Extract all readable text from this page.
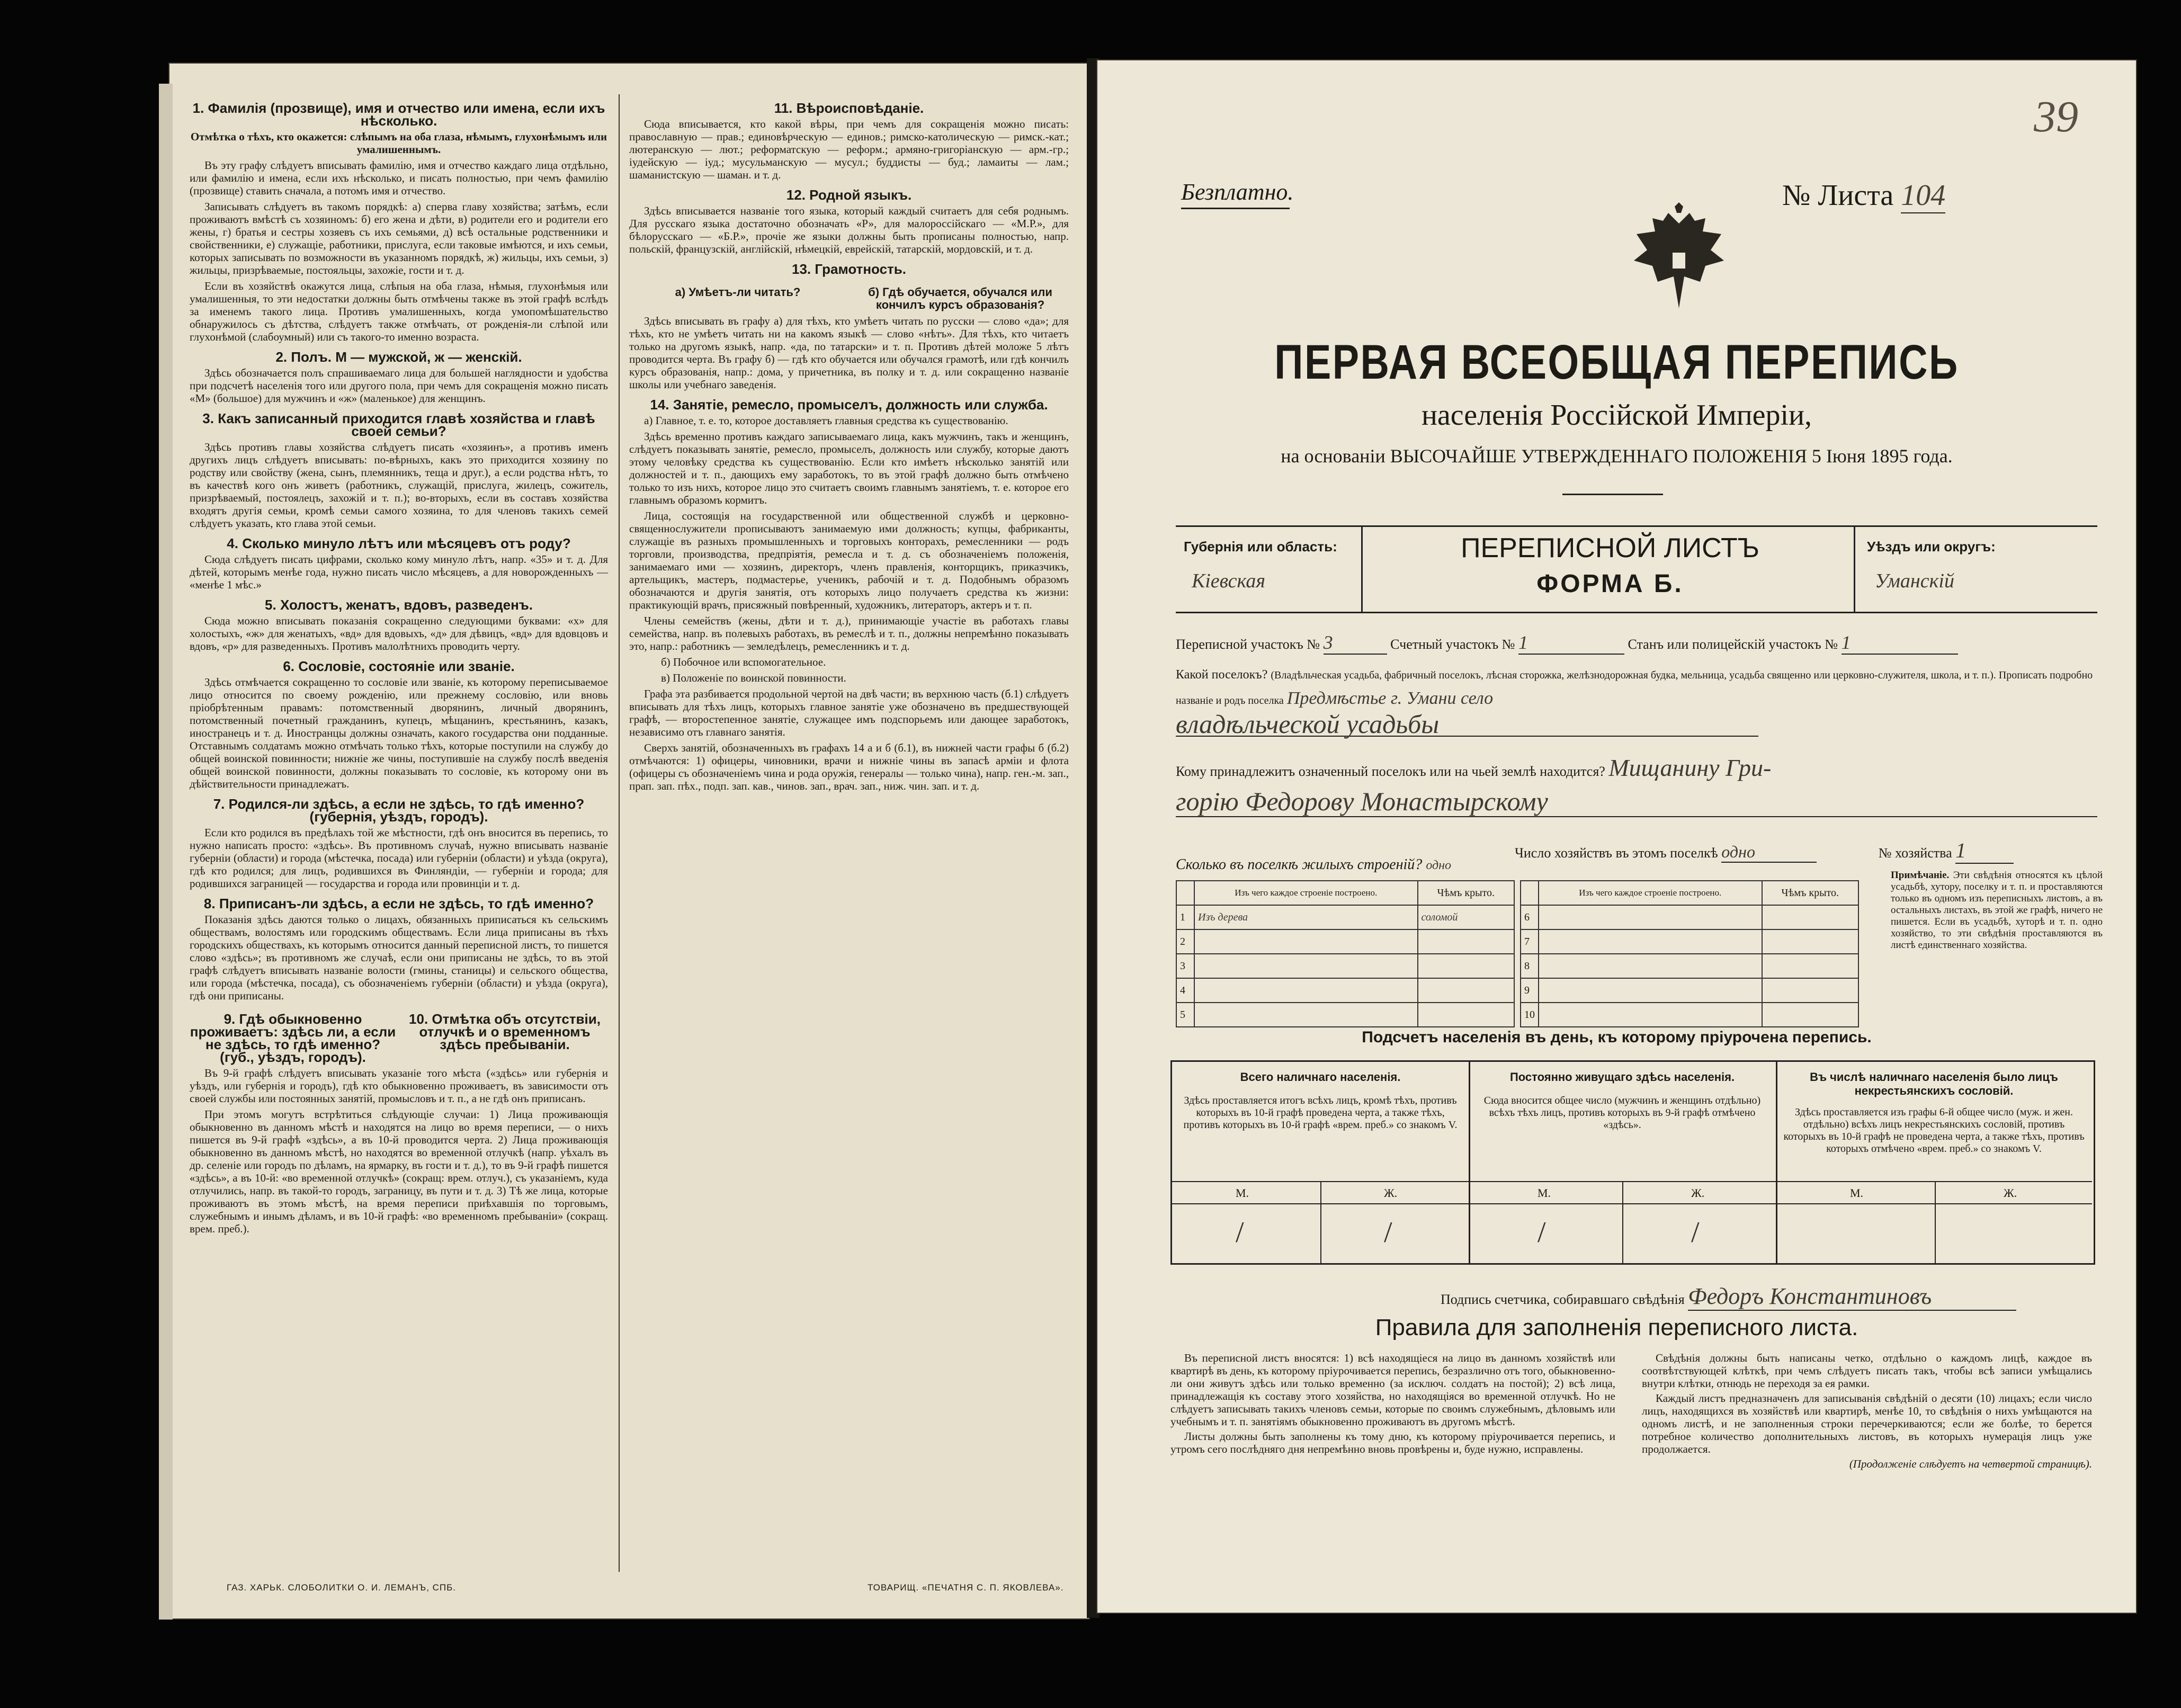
1. Фамилія (прозвище), имя и отчество или имена, если ихъ нѣсколько.

Отмѣтка о тѣхъ, кто окажется: слѣпымъ на оба глаза, нѣмымъ, глухонѣмымъ или умалишеннымъ.

Въ эту графу слѣдуетъ вписывать фамилію, имя и отчество каждаго лица отдѣльно, или фамилію и имена, если ихъ нѣсколько, и писать полностью, при чемъ фамилію (прозвище) ставить сначала, а потомъ имя и отчество.

Записывать слѣдуетъ въ такомъ порядкѣ: а) сперва главу хозяйства; затѣмъ, если проживаютъ вмѣстѣ съ хозяиномъ: б) его жена и дѣти, в) родители его и родители его жены, г) братья и сестры хозяевъ съ ихъ семьями, д) всѣ остальные родственники и свойственники, е) служащіе, работники, прислуга, если таковые имѣются, и ихъ семьи, которых записывать по возможности въ указанномъ порядкѣ, ж) жильцы, ихъ семьи, з) жильцы, призрѣваемые, постояльцы, захожіе, гости и т. д.

Если въ хозяйствѣ окажутся лица, слѣпыя на оба глаза, нѣмыя, глухонѣмыя или умалишенныя, то эти недостатки должны быть отмѣчены также въ этой графѣ вслѣдъ за именемъ такого лица. Противъ умалишенныхъ, когда умопомѣшательство обнаружилось съ дѣтства, слѣдуетъ также отмѣчать, от рожденія-ли слѣпой или глухонѣмой (слабоумный) или съ такого-то именно возраста.

2. Полъ. М — мужской, ж — женскій.

Здѣсь обозначается полъ спрашиваемаго лица для большей наглядности и удобства при подсчетѣ населенія того или другого пола, при чемъ для сокращенія можно писать «М» (большое) для мужчинъ и «ж» (маленькое) для женщинъ.

3. Какъ записанный приходится главѣ хозяйства и главѣ своей семьи?

Здѣсь противъ главы хозяйства слѣдуетъ писать «хозяинъ», а противъ именъ другихъ лицъ слѣдуетъ вписывать: по-вѣрныхъ, какъ это приходится хозяину по родству или свойству (жена, сынъ, племянникъ, теща и друг.), а если родства нѣтъ, то въ качествѣ кого онъ живетъ (работникъ, служащій, прислуга, жилецъ, сожитель, призрѣваемый, постоялецъ, захожій и т. п.); во-вторыхъ, если въ составъ хозяйства входятъ другія семьи, кромѣ семьи самого хозяина, то для членовъ такихъ семей слѣдуетъ указать, кто глава этой семьи.

4. Сколько минуло лѣтъ или мѣсяцевъ отъ роду?

Сюда слѣдуетъ писать цифрами, сколько кому минуло лѣтъ, напр. «35» и т. д. Для дѣтей, которымъ менѣе года, нужно писать число мѣсяцевъ, а для новорожденныхъ — «менѣе 1 мѣс.»

5. Холостъ, женатъ, вдовъ, разведенъ.

Сюда можно вписывать показанія сокращенно следующими буквами: «х» для холостыхъ, «ж» для женатыхъ, «вд» для вдовыхъ, «д» для дѣвицъ, «вд» для вдовцовъ и вдовъ, «р» для разведенныхъ. Противъ малолѣтнихъ проводить черту.

6. Сословіе, состояніе или званіе.

Здѣсь отмѣчается сокращенно то сословіе или званіе, къ которому переписываемое лицо относится по своему рожденію, или прежнему сословію, или вновь пріобрѣтенным правамъ: потомственный дворянинъ, личный дворянинъ, потомственный почетный гражданинъ, купецъ, мѣщанинъ, крестьянинъ, казакъ, иностранецъ и т. д. Иностранцы должны означать, какого государства они подданные. Отставнымъ солдатамъ можно отмѣчать только тѣхъ, которые поступили на службу до общей воинской повинности; нижніе же чины, поступившіе на службу послѣ введенія общей воинской повинности, должны показывать то сословіе, къ которому они въ дѣйствительности принадлежатъ.

7. Родился-ли здѣсь, а если не здѣсь, то гдѣ именно? (губернія, уѣздъ, городъ).

Если кто родился въ предѣлахъ той же мѣстности, гдѣ онъ вносится въ перепись, то нужно написать просто: «здѣсь». Въ противномъ случаѣ, нужно вписывать названіе губерніи (области) и города (мѣстечка, посада) или губерніи (области) и уѣзда (округа), гдѣ кто родился; для лицъ, родившихся въ Финляндіи, — губерніи и города; для родившихся заграницей — государства и города или провинціи и т. д.

8. Приписанъ-ли здѣсь, а если не здѣсь, то гдѣ именно?

Показанія здѣсь даются только о лицахъ, обязанныхъ приписаться къ сельскимъ обществамъ, волостямъ или городскимъ обществамъ. Если лица приписаны въ тѣхъ городскихъ обществахъ, къ которымъ относится данный переписной листъ, то пишется слово «здѣсь»; въ противномъ же случаѣ, если они приписаны не здѣсь, то въ этой графѣ слѣдуетъ вписывать названіе волости (гмины, станицы) и сельского общества, или города (мѣстечка, посада), съ обозначеніемъ губерніи (области) и уѣзда (округа), гдѣ они приписаны.

9. Гдѣ обыкновенно проживаетъ: здѣсь ли, а если не здѣсь, то гдѣ именно? (губ., уѣздъ, городъ).
10. Отмѣтка объ отсутствіи, отлучкѣ и о временномъ здѣсь пребываніи.

Въ 9-й графѣ слѣдуетъ вписывать указаніе того мѣста («здѣсь» или губернія и уѣздъ, или губернія и городъ), гдѣ кто обыкновенно проживаетъ, въ зависимости отъ своей службы или постоянных занятій, промысловъ и т. п., а не гдѣ онъ приписанъ.

При этомъ могутъ встрѣтиться слѣдующіе случаи: 1) Лица проживающія обыкновенно въ данномъ мѣстѣ и находятся на лицо во время переписи, — о нихъ пишется въ 9-й графѣ «здѣсь», а въ 10-й проводится черта. 2) Лица проживающія обыкновенно въ данномъ мѣстѣ, но находятся во временной отлучкѣ (напр. уѣхалъ въ др. селеніе или городъ по дѣламъ, на ярмарку, въ гости и т. д.), то въ 9-й графѣ пишется «здѣсь», а въ 10-й: «во временной отлучкѣ» (сокращ: врем. отлуч.), съ указаніемъ, куда отлучились, напр. въ такой-то городъ, заграницу, въ пути и т. д. 3) Тѣ же лица, которые проживаютъ въ этомъ мѣстѣ, на время переписи приѣхавшія по торговымъ, служебнымъ и инымъ дѣламъ, и въ 10-й графѣ: «во временномъ пребываніи» (сокращ. врем. преб.).

11. Вѣроисповѣданіе.

Сюда вписывается, кто какой вѣры, при чемъ для сокращенія можно писать: православную — прав.; единовѣрческую — единов.; римско-католическую — римск.-кат.; лютеранскую — лют.; реформатскую — реформ.; армяно-григоріанскую — арм.-гр.; іудейскую — іуд.; мусульманскую — мусул.; буддисты — буд.; ламаиты — лам.; шаманистскую — шаман. и т. д.

12. Родной языкъ.

Здѣсь вписывается названіе того языка, который каждый считаетъ для себя роднымъ. Для русскаго языка достаточно обозначать «Р», для малороссійскаго — «М.Р.», для бѣлорусскаго — «Б.Р.», прочіе же языки должны быть прописаны полностью, напр. польскій, французскій, англійскій, нѣмецкій, еврейскій, татарскій, мордовскій, и т. д.

13. Грамотность.
а) Умѣетъ-ли читать?	б) Гдѣ обучается, обучался или кончилъ курсъ образованія?

Здѣсь вписывать въ графу а) для тѣхъ, кто умѣетъ читать по русски — слово «да»; для тѣхъ, кто не умѣетъ читать ни на какомъ языкѣ — слово «нѣтъ». Для тѣхъ, кто читаетъ только на другомъ языкѣ, напр. «да, по татарски» и т. п. Противъ дѣтей моложе 5 лѣтъ проводится черта. Въ графу б) — гдѣ кто обучается или обучался грамотѣ, или гдѣ кончилъ курсъ образованія, напр.: дома, у причетника, въ полку и т. д. или сокращенно названіе школы или учебнаго заведенія.

14. Занятіе, ремесло, промыселъ, должность или служба.

а) Главное, т. е. то, которое доставляетъ главныя средства къ существованію.

Здѣсь временно противъ каждаго записываемаго лица, какъ мужчинъ, такъ и женщинъ, слѣдуетъ показывать занятіе, ремесло, промыселъ, должность или службу, которые даютъ этому человѣку средства къ существованію. Если кто имѣетъ нѣсколько занятій или должностей и т. п., дающихъ ему заработокъ, то въ этой графѣ должно быть отмѣчено только то изъ нихъ, которое лицо это считаетъ своимъ главнымъ занятіемъ, т. е. которое его главнымъ образомъ кормитъ.

Лица, состоящія на государственной или общественной службѣ и церковно-священнослужители прописываютъ занимаемую ими должность; купцы, фабриканты, служащіе въ разныхъ промышленныхъ и торговыхъ конторахъ, ремесленники — родъ торговли, производства, предпріятія, ремесла и т. д. съ обозначеніемъ положенія, занимаемаго ими — хозяинъ, директоръ, членъ правленія, конторщикъ, приказчикъ, артельщикъ, мастеръ, подмастерье, ученикъ, рабочій и т. д. Подобнымъ образомъ обозначаются и другія занятія, отъ которыхъ лицо получаетъ средства къ жизни: практикующій врачъ, присяжный повѣренный, художникъ, литераторъ, актеръ и т. п.

Члены семействъ (жены, дѣти и т. д.), принимающіе участіе въ работахъ главы семейства, напр. въ полевыхъ работахъ, въ ремеслѣ и т. п., должны непремѣнно показывать это, напр.: работникъ — земледѣлецъ, ремесленникъ и т. д.

б) Побочное или вспомогательное.

в) Положеніе по воинской повинности.

Графа эта разбивается продольной чертой на двѣ части; въ верхнюю часть (б.1) слѣдуетъ вписывать для тѣхъ лицъ, которыхъ главное занятіе уже обозначено въ предшествующей графѣ, — второстепенное занятіе, служащее имъ подспорьемъ или дающее заработокъ, независимо отъ главнаго занятія.

Сверхъ занятій, обозначенныхъ въ графахъ 14 а и б (б.1), въ нижней части графы б (б.2) отмѣчаются: 1) офицеры, чиновники, врачи и нижніе чины въ запасѣ арміи и флота (офицеры съ обозначеніемъ чина и рода оружія, генералы — только чина), напр. ген.-м. зап., прап. зап. пѣх., подп. зап. кав., чинов. зап., врач. зап., ниж. чин. зап. и т. д.

ГАЗ. ХАРЬК. СЛОБОЛИТКИ О. И. ЛЕМАНЪ, СПБ.	ТОВАРИЩ. «ПЕЧАТНЯ С. П. ЯКОВЛЕВА».
39
Безплатно.	№ Листа 104
ПЕРВАЯ ВСЕОБЩАЯ ПЕРЕПИСЬ
населенія Россійской Имперіи,
на основаніи ВЫСОЧАЙШЕ УТВЕРЖДЕННАГО ПОЛОЖЕНІЯ 5 Іюня 1895 года.
Губернія или область:
Кіевская
ПЕРЕПИСНОЙ ЛИСТЪ
ФОРМА Б.
Уѣздъ или округъ:
Уманскій
Переписной участокъ № 3	Счетный участокъ № 1	Станъ или полицейскій участокъ № 1
Какой поселокъ? (Владѣльческая усадьба, фабричный поселокъ, лѣсная сторожка, желѣзнодорожная будка, мельница, усадьба священно или церковно-служителя, школа, и т. п.). Прописать подробно названіе и родъ поселка Предмѣстье г. Умани село
владѣльческой усадьбы
Кому принадлежитъ означенный поселокъ или на чьей землѣ находится? Мищанину Гри-
горію Федорову Монастырскому
Число хозяйствъ въ этомъ поселкѣ одно	№ хозяйства 1
Сколько въ поселкѣ жилыхъ строеній? одно
	Изъ чего каждое строеніе построено.	Чѣмъ крыто.
1	Изъ дерева	соломой
2		
3		
4		
5		
	Изъ чего каждое строеніе построено.	Чѣмъ крыто.
6		
7		
8		
9		
10		
Примѣчаніе. Эти свѣдѣнія относятся къ цѣлой усадьбѣ, хутору, поселку и т. п. и проставляются только въ одномъ изъ переписныхъ листовъ, а въ остальныхъ листахъ, въ этой же графѣ, ничего не пишется. Если въ усадьбѣ, хуторѣ и т. п. одно хозяйство, то эти свѣдѣнія проставляются въ листѣ единственнаго хозяйства.
Подсчетъ населенія въ день, къ которому пріурочена перепись.
Всего наличнаго населенія.
Здѣсь проставляется итогъ всѣхъ лицъ, кромѣ тѣхъ, противъ которыхъ въ 10-й графѣ проведена черта, а также тѣхъ, противъ которыхъ въ 10-й графѣ «врем. преб.» со знакомъ V.
М.	Ж.
/	/
Постоянно живущаго здѣсь населенія.
Сюда вносится общее число (мужчинъ и женщинъ отдѣльно) всѣхъ тѣхъ лицъ, противъ которыхъ въ 9-й графѣ отмѣчено «здѣсь».
М.	Ж.
/	/
Въ числѣ наличнаго населенія было лицъ некрестьянскихъ сословій.
Здѣсь проставляется изъ графы 6-й общее число (муж. и жен. отдѣльно) всѣхъ лицъ некрестьянскихъ сословій, противъ которыхъ въ 10-й графѣ не проведена черта, а также тѣхъ, противъ которыхъ отмѣчено «врем. преб.» со знакомъ V.
М.	Ж.
Подпись счетчика, собиравшаго свѣдѣнія Федоръ Константиновъ
Правила для заполненія переписного листа.

Въ переписной листъ вносятся: 1) всѣ находящіеся на лицо въ данномъ хозяйствѣ или квартирѣ въ день, къ которому пріурочивается перепись, безразлично отъ того, обыкновенно-ли они живутъ здѣсь или только временно (за исключ. солдатъ на постой); 2) всѣ лица, принадлежащія къ составу этого хозяйства, но находящіяся во временной отлучкѣ. Но не слѣдуетъ записывать такихъ членовъ семьи, которые по своимъ служебнымъ, дѣловымъ или учебнымъ и т. п. занятіямъ обыкновенно проживаютъ въ другомъ мѣстѣ.

Листы должны быть заполнены къ тому дню, къ которому пріурочивается перепись, и утромъ сего послѣдняго дня непремѣнно вновь провѣрены и, буде нужно, исправлены.

Свѣдѣнія должны быть написаны четко, отдѣльно о каждомъ лицѣ, каждое въ соотвѣтствующей клѣткѣ, при чемъ слѣдуетъ писать такъ, чтобы всѣ записи умѣщались внутри клѣтки, отнюдь не переходя за ея рамки.

Каждый листъ предназначенъ для записыванія свѣдѣній о десяти (10) лицахъ; если число лицъ, находящихся въ хозяйствѣ или квартирѣ, менѣе 10, то свѣдѣнія о нихъ умѣщаются на одномъ листѣ, и не заполненныя строки перечеркиваются; если же болѣе, то берется потребное количество дополнительныхъ листовъ, въ которыхъ нумерація лицъ уже продолжается.

(Продолженіе слѣдуетъ на четвертой страницѣ).
